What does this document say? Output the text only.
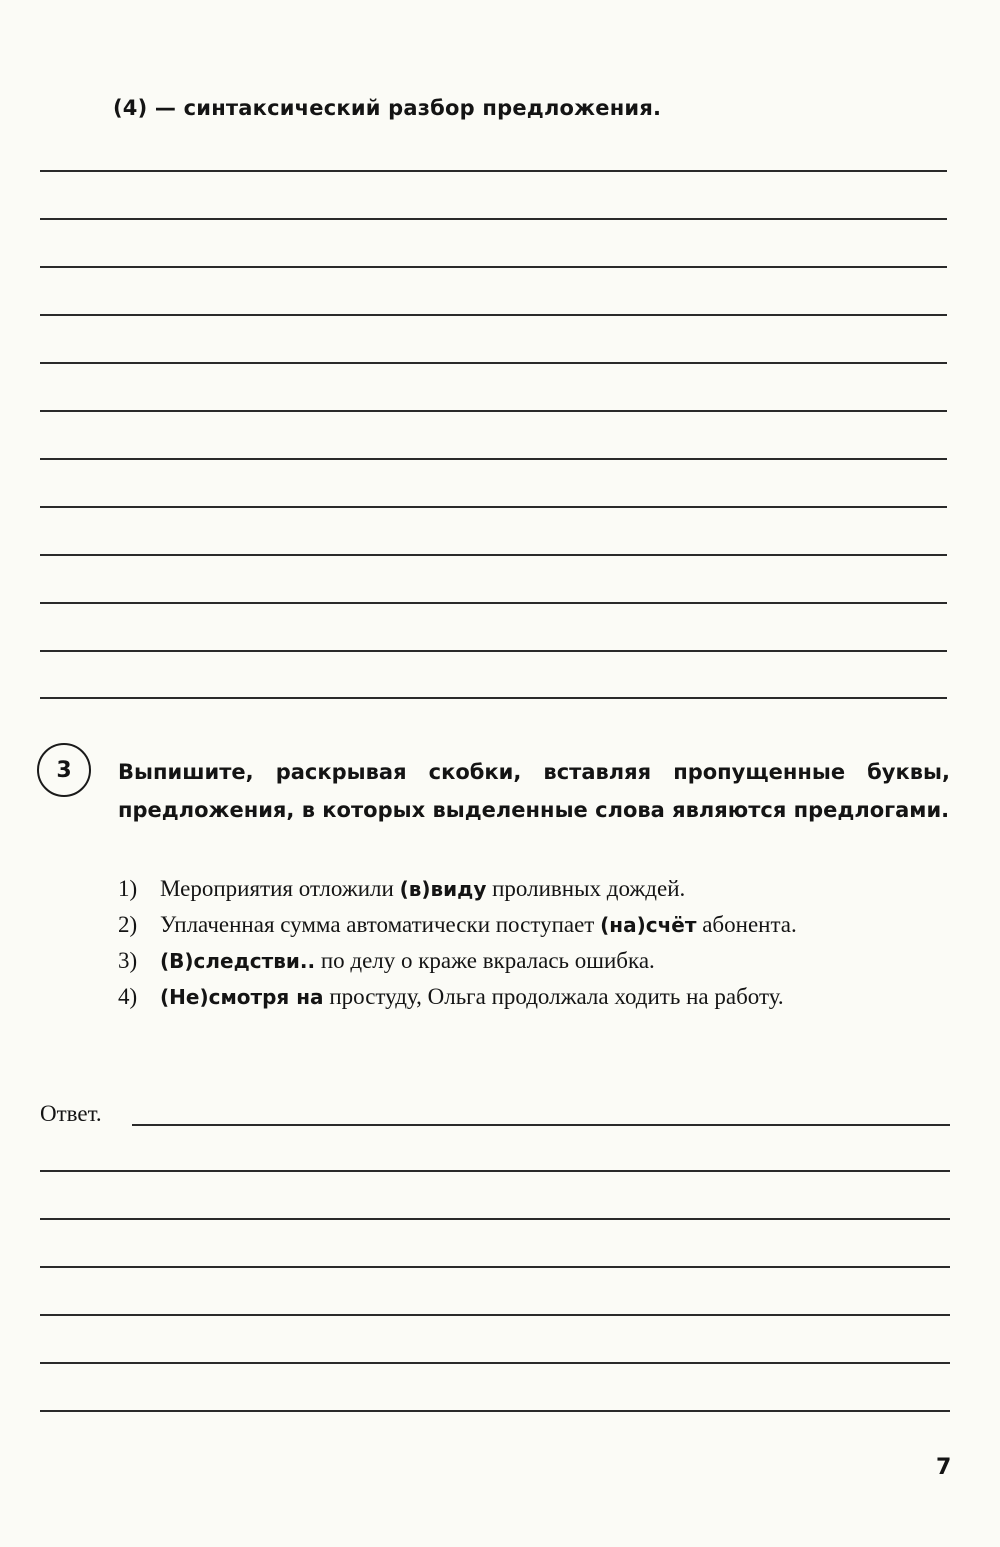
(4) — синтаксический разбор предложения.
3	Выпишите, раскрывая скобки, вставляя пропущенные буквы, предложения, в которых выделенные слова являются предлогами.
1) Мероприятия отложили (в)виду проливных дождей.
2) Уплаченная сумма автоматически поступает (на)счёт абонента.
3) (В)следстви.. по делу о краже вкралась ошибка.
4) (Не)смотря на простуду, Ольга продолжала ходить на работу.
Ответ.
7
